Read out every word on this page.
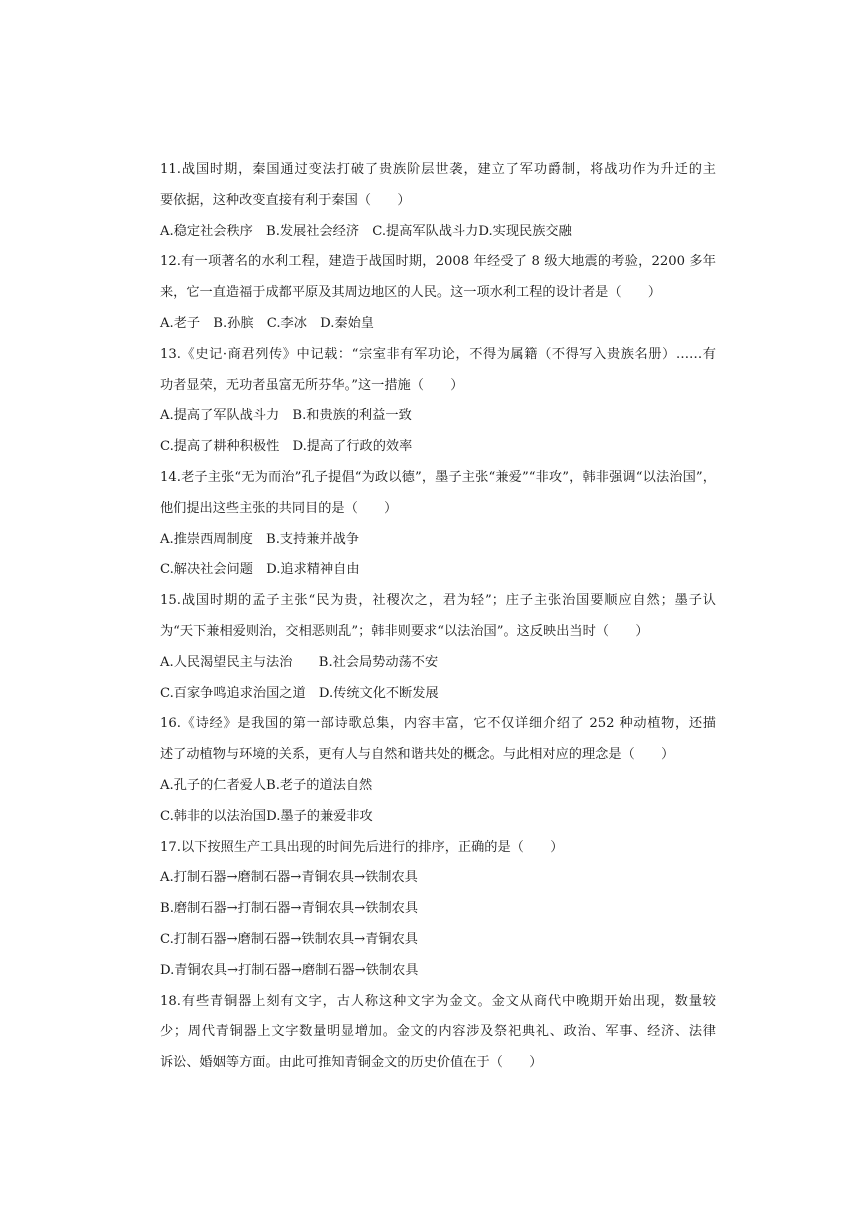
11.战国时期，秦国通过变法打破了贵族阶层世袭，建立了军功爵制，将战功作为升迁的主
要依据，这种改变直接有利于秦国（　　）
A.稳定社会秩序　B.发展社会经济　C.提高军队战斗力D.实现民族交融
12.有一项著名的水利工程，建造于战国时期，2008 年经受了 8 级大地震的考验，2200 多年
来，它一直造福于成都平原及其周边地区的人民。这一项水利工程的设计者是（　　）
A.老子　B.孙膑　C.李冰　D.秦始皇
13.《史记·商君列传》中记载：“宗室非有军功论，不得为属籍（不得写入贵族名册）……有
功者显荣，无功者虽富无所芬华。”这一措施（　　）
A.提高了军队战斗力　B.和贵族的利益一致
C.提高了耕种积极性　D.提高了行政的效率
14.老子主张“无为而治”孔子提倡“为政以德”，墨子主张“兼爱”“非攻”，韩非强调“以法治国”，
他们提出这些主张的共同目的是（　　）
A.推崇西周制度　B.支持兼并战争
C.解决社会问题　D.追求精神自由
15.战国时期的孟子主张“民为贵，社稷次之，君为轻”；庄子主张治国要顺应自然；墨子认
为“天下兼相爱则治，交相恶则乱”；韩非则要求“以法治国”。这反映出当时（　　）
A.人民渴望民主与法治　　B.社会局势动荡不安
C.百家争鸣追求治国之道　D.传统文化不断发展
16.《诗经》是我国的第一部诗歌总集，内容丰富，它不仅详细介绍了 252 种动植物，还描
述了动植物与环境的关系，更有人与自然和谐共处的概念。与此相对应的理念是（　　）
A.孔子的仁者爱人B.老子的道法自然
C.韩非的以法治国D.墨子的兼爱非攻
17.以下按照生产工具出现的时间先后进行的排序，正确的是（　　）
A.打制石器→磨制石器→青铜农具→铁制农具
B.磨制石器→打制石器→青铜农具→铁制农具
C.打制石器→磨制石器→铁制农具→青铜农具
D.青铜农具→打制石器→磨制石器→铁制农具
18.有些青铜器上刻有文字，古人称这种文字为金文。金文从商代中晚期开始出现，数量较
少；周代青铜器上文字数量明显增加。金文的内容涉及祭祀典礼、政治、军事、经济、法律
诉讼、婚姻等方面。由此可推知青铜金文的历史价值在于（　　）
